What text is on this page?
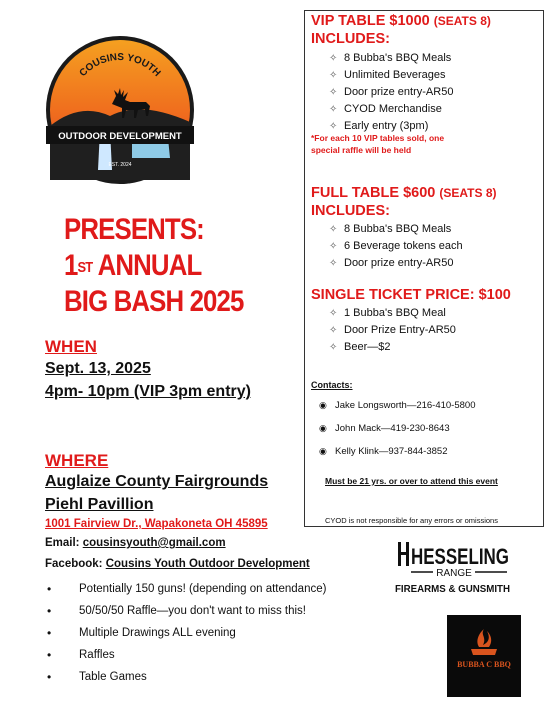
OUTDOOR DEVELOPMENT
COUSINS YOUTH
EST. 2024
PRESENTS:
1ST ANNUAL
BIG BASH 2025
WHEN
Sept. 13, 2025
4pm- 10pm (VIP 3pm entry)
WHERE
Auglaize County Fairgrounds
Piehl Pavillion
1001 Fairview Dr., Wapakoneta OH 45895
Email: cousinsyouth@gmail.com
Facebook: Cousins Youth Outdoor Development
• Potentially 150 guns! (depending on attendance)
• 50/50/50 Raffle—you don't want to miss this!
• Multiple Drawings ALL evening
• Raffles
• Table Games
VIP TABLE $1000 (SEATS 8)
INCLUDES:
✧ 8 Bubba's BBQ Meals
✧ Unlimited Beverages
✧ Door prize entry-AR50
✧ CYOD Merchandise
✧ Early entry (3pm)
*For each 10 VIP tables sold, one
special raffle will be held
FULL TABLE $600 (SEATS 8)
INCLUDES:
✧ 8 Bubba's BBQ Meals
✧ 6 Beverage tokens each
✧ Door prize entry-AR50
SINGLE TICKET PRICE: $100
✧ 1 Bubba's BBQ Meal
✧ Door Prize Entry-AR50
✧ Beer—$2
Contacts:
◉ Jake Longsworth—216-410-5800
◉ John Mack—419-230-8643
◉ Kelly Klink—937-844-3852
Must be 21 yrs. or over to attend this event
CYOD is not responsible for any errors or omissions
HESSELING
RANGE
FIREARMS & GUNSMITH
BUBBA C BBQ
